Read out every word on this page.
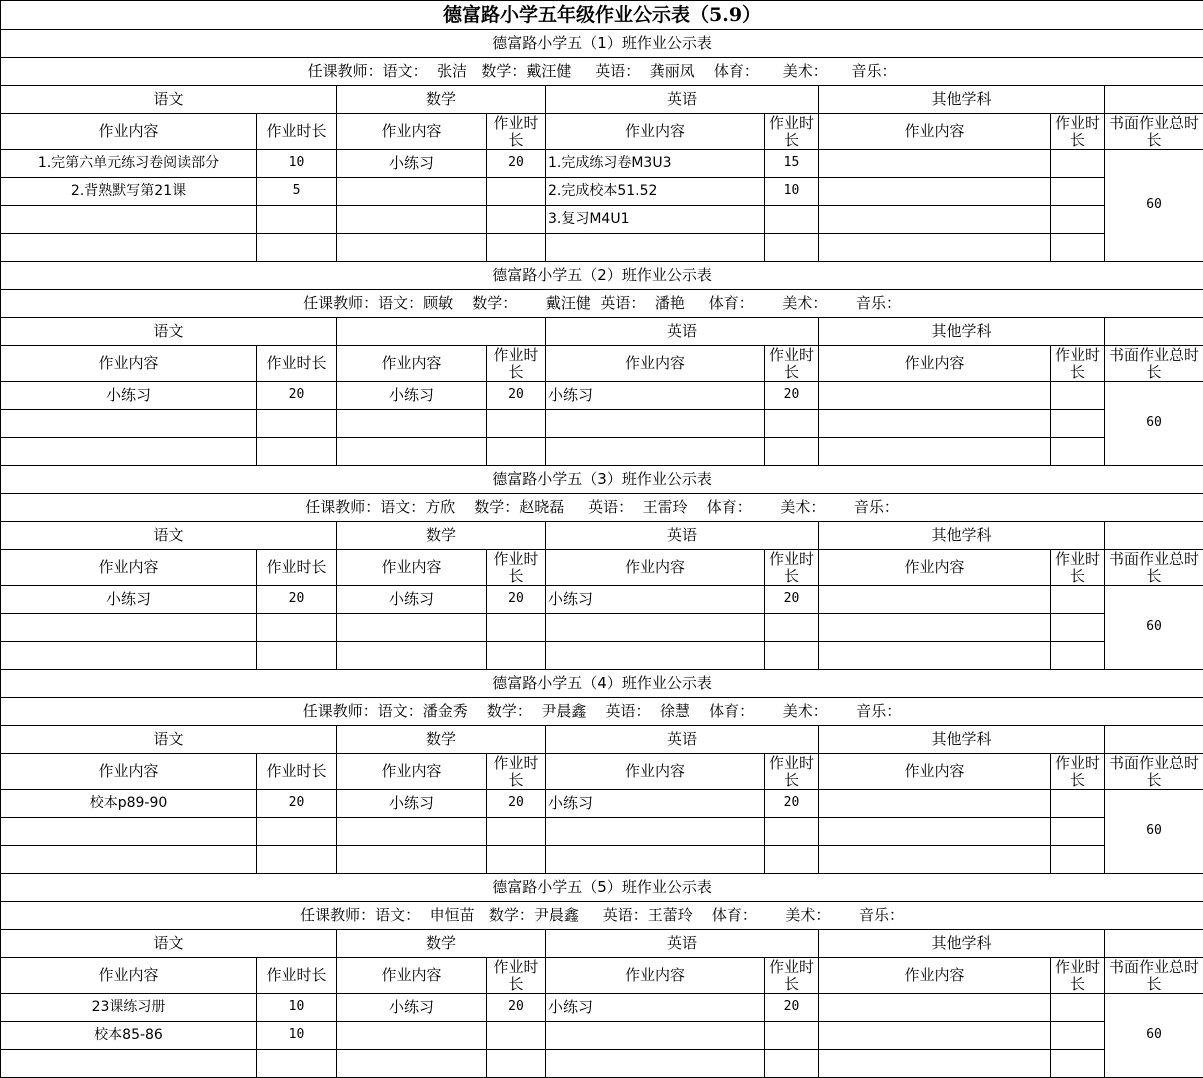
德富路小学五年级作业公示表（5.9）								
德富路小学五（1）班作业公示表								
任课教师：语文：  张洁   数学：戴汪健     英语：  龚丽凤    体育：     美术：     音乐：								
语文		数学		英语		其他学科		
作业内容	作业时长	作业内容	作业时长	作业内容	作业时长	作业内容	作业时长	书面作业总时长
1.完第六单元练习卷阅读部分	10	小练习	20	1.完成练习卷M3U3	15			60
2.背熟默写第21课	5			2.完成校本51.52	10			
				3.复习M4U1				

德富路小学五（2）班作业公示表								
任课教师：语文：顾敏    数学：      戴汪健  英语：  潘艳     体育：      美术：      音乐：								
语文				英语		其他学科		
作业内容	作业时长	作业内容	作业时长	作业内容	作业时长	作业内容	作业时长	书面作业总时长
小练习	20	小练习	20	小练习	20			60

德富路小学五（3）班作业公示表								
任课教师：语文：方欣    数学：赵晓磊     英语：  王雷玲    体育：      美术：      音乐：								
语文		数学		英语		其他学科		
作业内容	作业时长	作业内容	作业时长	作业内容	作业时长	作业内容	作业时长	书面作业总时长
小练习	20	小练习	20	小练习	20			60

德富路小学五（4）班作业公示表								
任课教师：语文：潘金秀    数学：  尹晨鑫    英语：  徐慧    体育：      美术：      音乐：								
语文		数学		英语		其他学科		
作业内容	作业时长	作业内容	作业时长	作业内容	作业时长	作业内容	作业时长	书面作业总时长
校本p89-90	20	小练习	20	小练习	20			60

德富路小学五（5）班作业公示表								
任课教师：语文：  申恒苗   数学：尹晨鑫     英语：王蕾玲    体育：      美术：      音乐：								
语文		数学		英语		其他学科		
作业内容	作业时长	作业内容	作业时长	作业内容	作业时长	作业内容	作业时长	书面作业总时长
23课练习册	10	小练习	20	小练习	20			60
校本85-86	10							
